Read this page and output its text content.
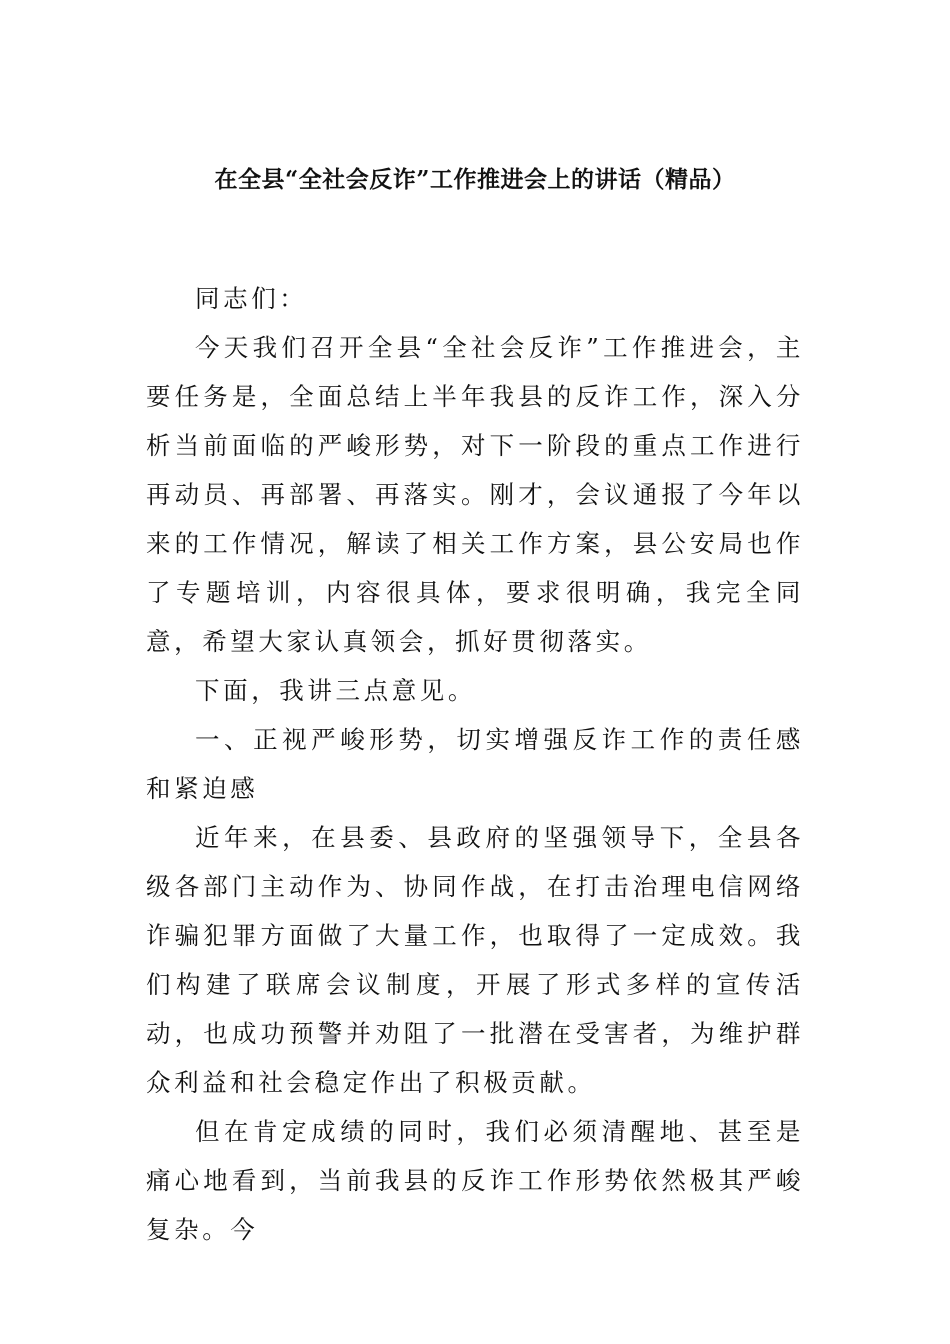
在全县“全社会反诈”工作推进会上的讲话（精品）

同志们：

今天我们召开全县“全社会反诈”工作推进会，主要任务是，全面总结上半年我县的反诈工作，深入分析当前面临的严峻形势，对下一阶段的重点工作进行再动员、再部署、再落实。刚才，会议通报了今年以来的工作情况，解读了相关工作方案，县公安局也作了专题培训，内容很具体，要求很明确，我完全同意，希望大家认真领会，抓好贯彻落实。

下面，我讲三点意见。

一、正视严峻形势，切实增强反诈工作的责任感和紧迫感

近年来，在县委、县政府的坚强领导下，全县各级各部门主动作为、协同作战，在打击治理电信网络诈骗犯罪方面做了大量工作，也取得了一定成效。我们构建了联席会议制度，开展了形式多样的宣传活动，也成功预警并劝阻了一批潜在受害者，为维护群众利益和社会稳定作出了积极贡献。

但在肯定成绩的同时，我们必须清醒地、甚至是痛心地看到，当前我县的反诈工作形势依然极其严峻复杂。今
